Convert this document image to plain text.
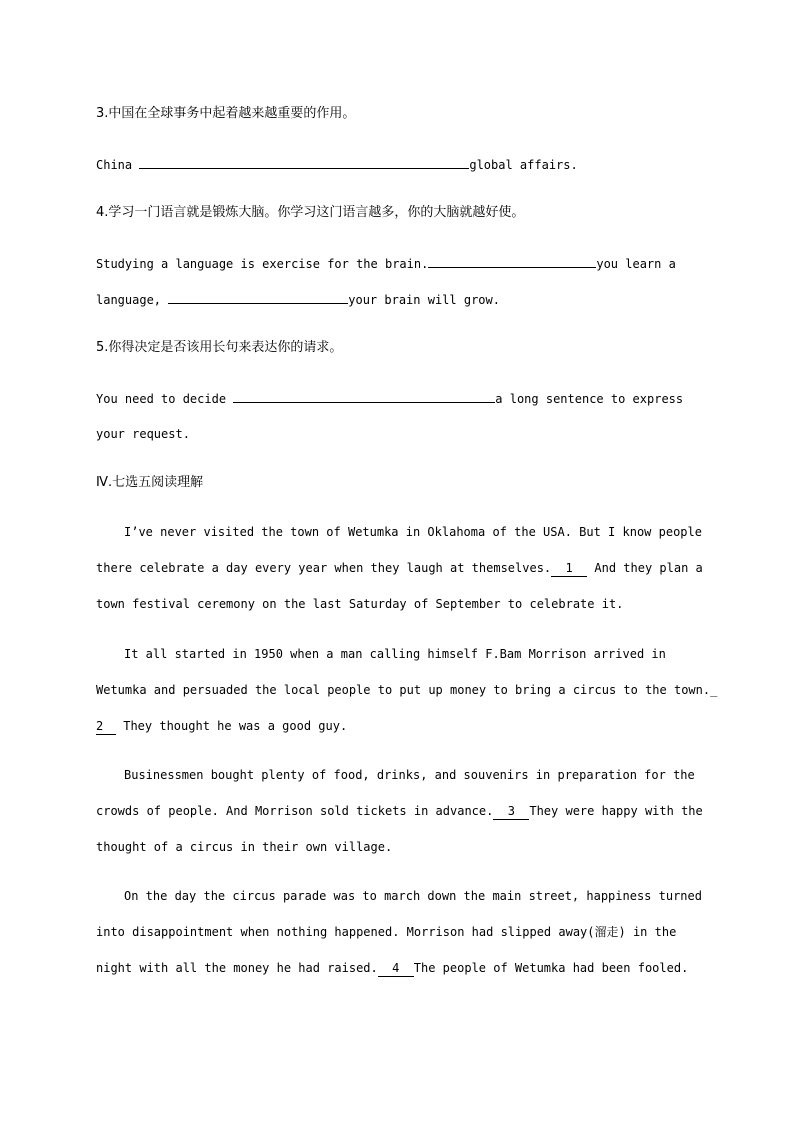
3.中国在全球事务中起着越来越重要的作用。
China	global affairs.
4.学习一门语言就是锻炼大脑。你学习这门语言越多，你的大脑就越好使。
Studying a language is exercise for the brain.	you learn a
language,	your brain will grow.
5.你得决定是否该用长句来表达你的请求。
You need to decide	a long sentence to express
your request.
Ⅳ.七选五阅读理解
I’ve never visited the town of Wetumka in Oklahoma of the USA. But I know people
there celebrate a day every year when they laugh at themselves. 1 And they plan a
town festival ceremony on the last Saturday of September to celebrate it.
It all started in 1950 when a man calling himself F.Bam Morrison arrived in
Wetumka and persuaded the local people to put up money to bring a circus to the town._
2 They thought he was a good guy.
Businessmen bought plenty of food, drinks, and souvenirs in preparation for the
crowds of people. And Morrison sold tickets in advance. 3 They were happy with the
thought of a circus in their own village.
On the day the circus parade was to march down the main street, happiness turned
into disappointment when nothing happened. Morrison had slipped away(溜走) in the
night with all the money he had raised. 4 The people of Wetumka had been fooled.
